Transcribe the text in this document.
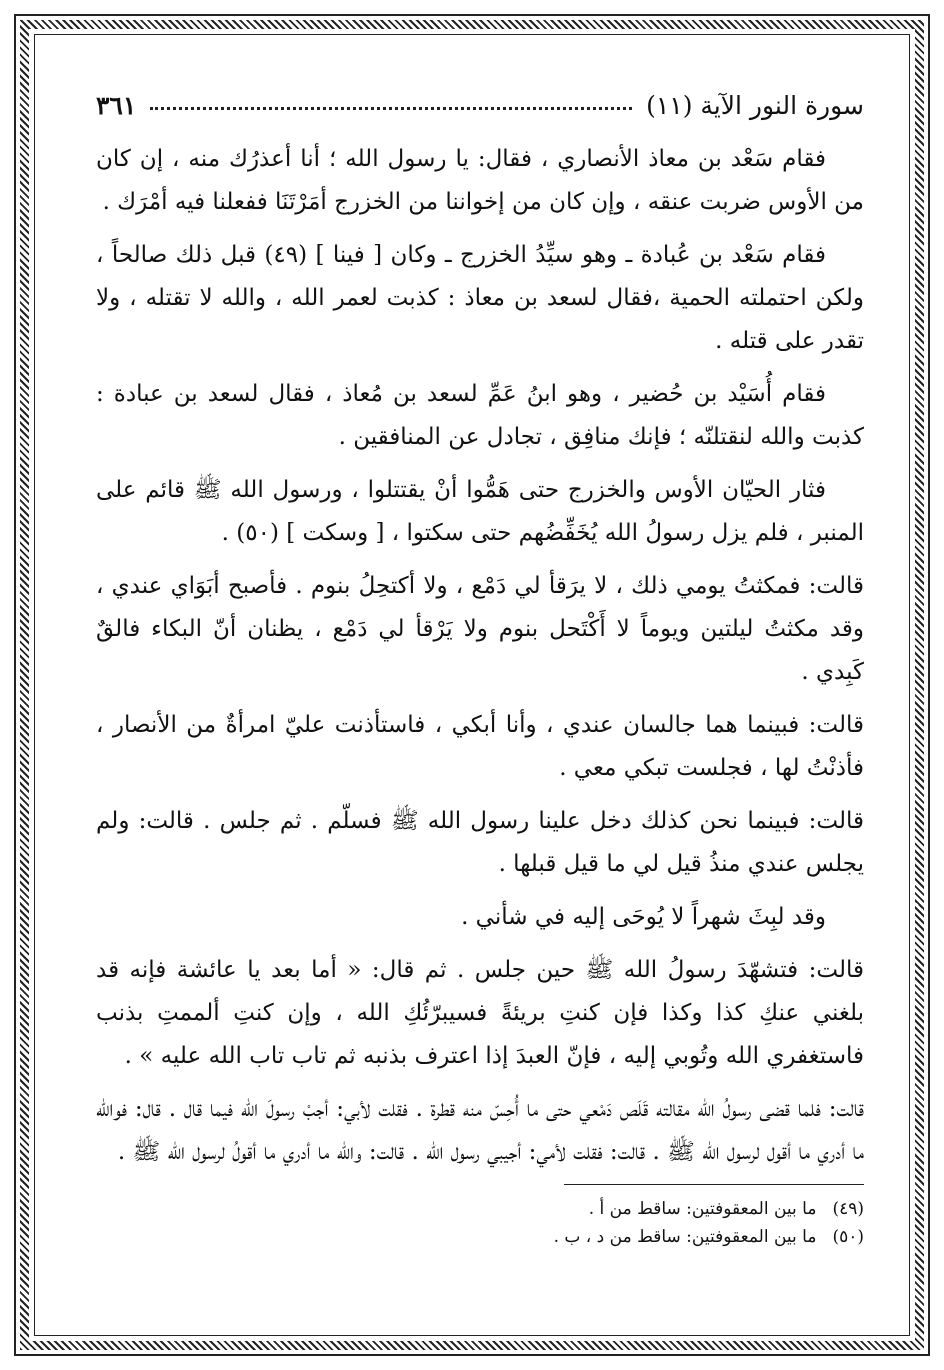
سورة النور الآية (١١)
٣٦١

فقام سَعْد بن معاذ الأنصاري ، فقال: يا رسول الله ؛ أنا أعذرُك منه ، إن كان من الأوس ضربت عنقه ، وإن كان من إخواننا من الخزرج أمَرْتَنَا ففعلنا فيه أمْرَك .

فقام سَعْد بن عُبادة ـ وهو سيِّدُ الخزرج ـ وكان [ فينا ] (٤٩) قبل ذلك صالحاً ، ولكن احتملته الحمية ،فقال لسعد بن معاذ : كذبت لعمر الله ، والله لا تقتله ، ولا تقدر على قتله .

فقام أُسَيْد بن حُضير ، وهو ابنُ عَمِّ لسعد بن مُعاذ ، فقال لسعد بن عبادة : كذبت والله لنقتلنّه ؛ فإنك منافِق ، تجادل عن المنافقين .

فثار الحيّان الأوس والخزرج حتى هَمُّوا أنْ يقتتلوا ، ورسول الله ﷺ قائم على المنبر ، فلم يزل رسولُ الله يُخَفِّضُهم حتى سكتوا ، [ وسكت ] (٥٠) .

قالت: فمكثتُ يومي ذلك ، لا يرَقأ لي دَمْع ، ولا أكتحِلُ بنوم . فأصبح أبَوَاي عندي ، وقد مكثتُ ليلتين ويوماً لا أَكْتَحل بنوم ولا يَرْقأ لي دَمْع ، يظنان أنّ البكاء فالقٌ كَبِدي .

قالت: فبينما هما جالسان عندي ، وأنا أبكي ، فاستأذنت عليّ امرأةٌ من الأنصار ، فأذنْتُ لها ، فجلست تبكي معي .

قالت: فبينما نحن كذلك دخل علينا رسول الله ﷺ فسلّم . ثم جلس . قالت: ولم يجلس عندي منذُ قيل لي ما قيل قبلها .

وقد لبِثَ شهراً لا يُوحَى إليه في شأني .

قالت: فتشهّدَ رسولُ الله ﷺ حين جلس . ثم قال: « أما بعد يا عائشة فإنه قد بلغني عنكِ كذا وكذا فإن كنتِ بريئةً فسيبرّئُكِ الله ، وإن كنتِ ألممتِ بذنب فاستغفري الله وتُوبي إليه ، فإنّ العبدَ إذا اعترف بذنبه ثم تاب تاب الله عليه » .

قالت: فلما قضى رسولُ الله مقالته قَلَص دَمْعي حتى ما أُحِسّ منه قطرة . فقلت لأبي: أجبْ رسولَ الله فيما قال . قال: فوالله ما أدري ما أقول لرسول الله ﷺ . قالت: فقلت لأمي: أجيبي رسول الله . قالت: والله ما أدري ما أقولُ لرسول الله ﷺ .

(٤٩)
ما بين المعقوفتين: ساقط من أ .
(٥٠)
ما بين المعقوفتين: ساقط من د ، ب .
